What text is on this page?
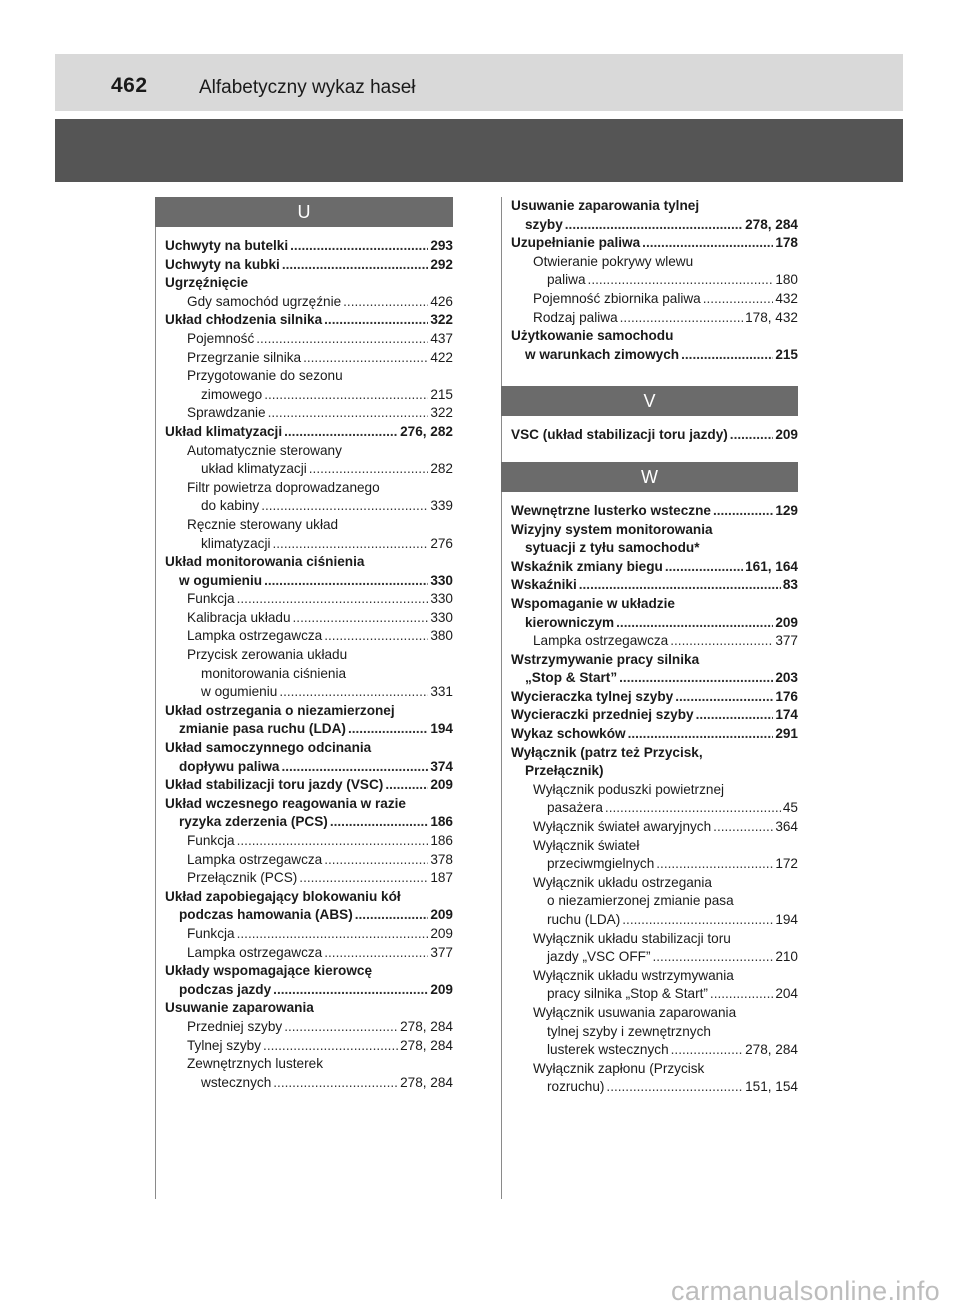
462	Alfabetyczny wykaz haseł
U
Uchwyty na butelki .....	293
Uchwyty na kubki .....	292
Ugrzęźnięcie
Gdy samochód ugrzęźnie .....	426
Układ chłodzenia silnika .....	322
Pojemność .....	437
Przegrzanie silnika .....	422
Przygotowanie do sezonu
zimowego .....	215
Sprawdzanie .....	322
Układ klimatyzacji .....	276, 282
Automatycznie sterowany
układ klimatyzacji .....	282
Filtr powietrza doprowadzanego
do kabiny .....	339
Ręcznie sterowany układ
klimatyzacji .....	276
Układ monitorowania ciśnienia
w ogumieniu .....	330
Funkcja .....	330
Kalibracja układu .....	330
Lampka ostrzegawcza .....	380
Przycisk zerowania układu
monitorowania ciśnienia
w ogumieniu .....	331
Układ ostrzegania o niezamierzonej
zmianie pasa ruchu (LDA) .....	194
Układ samoczynnego odcinania
dopływu paliwa .....	374
Układ stabilizacji toru jazdy (VSC) .....	209
Układ wczesnego reagowania w razie
ryzyka zderzenia (PCS) .....	186
Funkcja .....	186
Lampka ostrzegawcza .....	378
Przełącznik (PCS) .....	187
Układ zapobiegający blokowaniu kół
podczas hamowania (ABS) .....	209
Funkcja .....	209
Lampka ostrzegawcza .....	377
Układy wspomagające kierowcę
podczas jazdy .....	209
Usuwanie zaparowania
Przedniej szyby .....	278, 284
Tylnej szyby .....	278, 284
Zewnętrznych lusterek
wstecznych .....	278, 284
Usuwanie zaparowania tylnej
szyby .....	278, 284
Uzupełnianie paliwa .....	178
Otwieranie pokrywy wlewu
paliwa .....	180
Pojemność zbiornika paliwa .....	432
Rodzaj paliwa .....	178, 432
Użytkowanie samochodu
w warunkach zimowych .....	215
V
VSC (układ stabilizacji toru jazdy) .....	209
W
Wewnętrzne lusterko wsteczne .....	129
Wizyjny system monitorowania
sytuacji z tyłu samochodu*
Wskaźnik zmiany biegu .....	161, 164
Wskaźniki .....	83
Wspomaganie w układzie
kierowniczym .....	209
Lampka ostrzegawcza .....	377
Wstrzymywanie pracy silnika
„Stop & Start” .....	203
Wycieraczka tylnej szyby .....	176
Wycieraczki przedniej szyby .....	174
Wykaz schowków .....	291
Wyłącznik (patrz też Przycisk,
Przełącznik)
Wyłącznik poduszki powietrznej
pasażera .....	45
Wyłącznik świateł awaryjnych .....	364
Wyłącznik świateł
przeciwmgielnych .....	172
Wyłącznik układu ostrzegania
o niezamierzonej zmianie pasa
ruchu (LDA) .....	194
Wyłącznik układu stabilizacji toru
jazdy „VSC OFF” .....	210
Wyłącznik układu wstrzymywania
pracy silnika „Stop & Start” .....	204
Wyłącznik usuwania zaparowania
tylnej szyby i zewnętrznych
lusterek wstecznych .....	278, 284
Wyłącznik zapłonu (Przycisk
rozruchu) .....	151, 154
carmanualsonline.info
